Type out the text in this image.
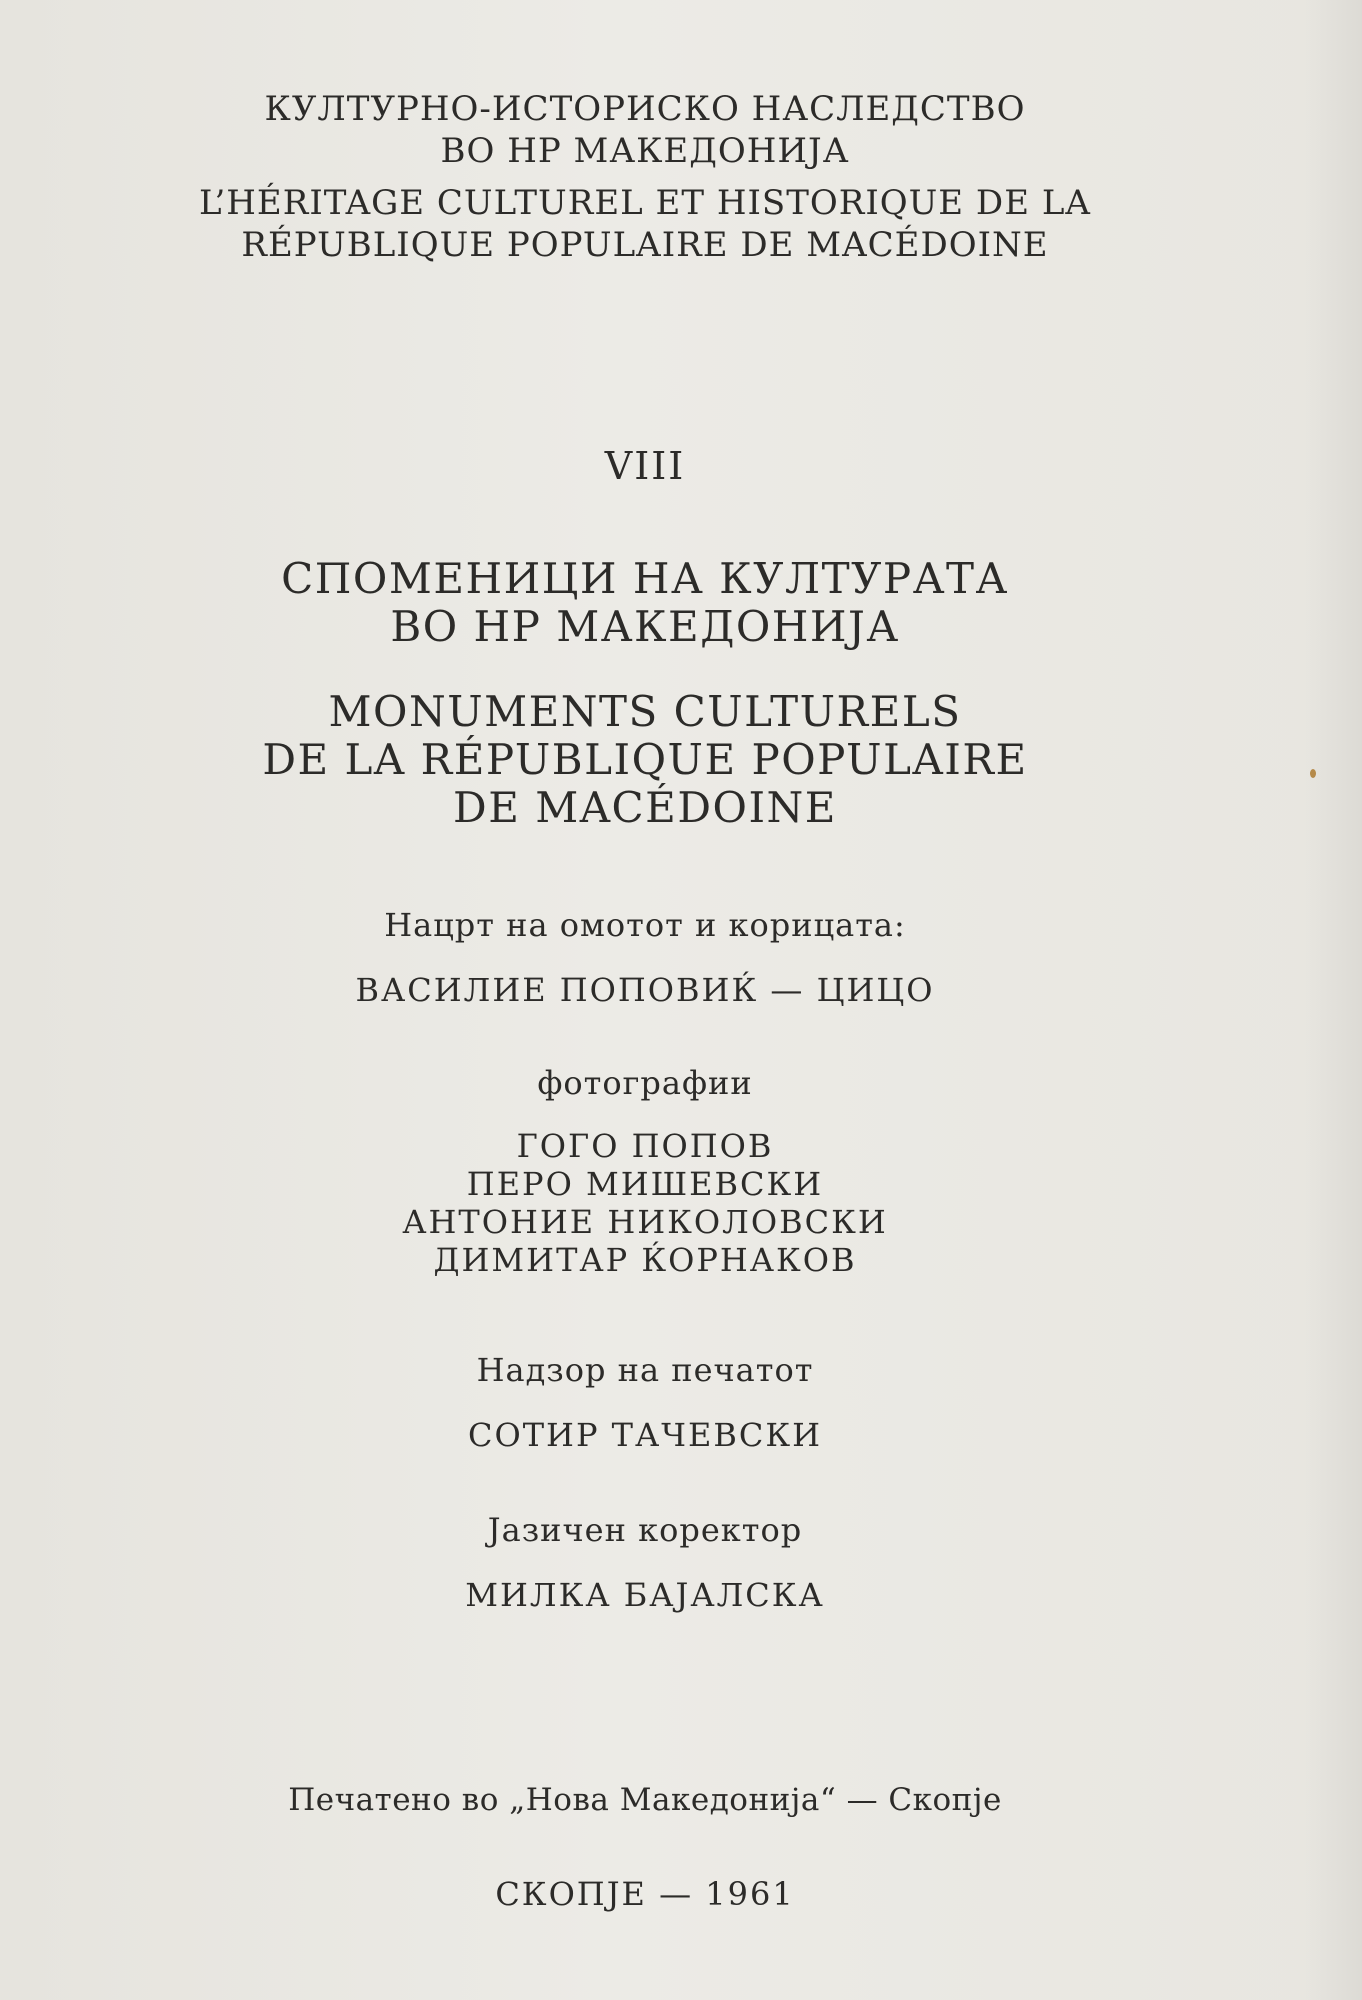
КУЛТУРНО-ИСТОРИСКО НАСЛЕДСТВО
ВО НР МАКЕДОНИЈА
L’HÉRITAGE CULTUREL ET HISTORIQUE DE LA
RÉPUBLIQUE POPULAIRE DE MACÉDOINE
VIII
СПОМЕНИЦИ НА КУЛТУРАТА
ВО НР МАКЕДОНИЈА
MONUMENTS CULTURELS
DE LA RÉPUBLIQUE POPULAIRE
DE MACÉDOINE
Нацрт на омотот и корицата:
ВАСИЛИЕ ПОПОВИЌ — ЦИЦО
фотографии
ГОГО ПОПОВ
ПЕРО МИШЕВСКИ
АНТОНИЕ НИКОЛОВСКИ
ДИМИТАР ЌОРНАКОВ
Надзор на печатот
СОТИР ТАЧЕВСКИ
Јазичен коректор
МИЛКА БАЈАЛСКА
Печатено во „Нова Македонија“ — Скопје
СКОПЈЕ — 1961
